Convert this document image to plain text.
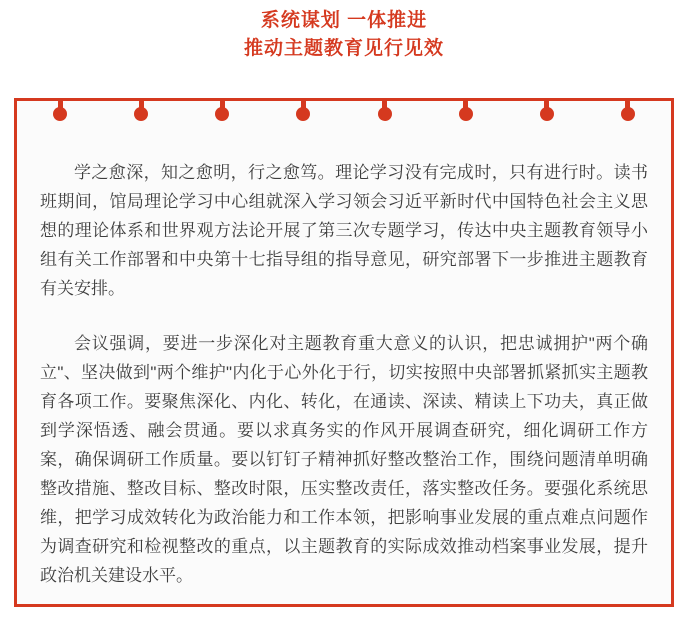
系统谋划 一体推进
推动主题教育见行见效

学之愈深，知之愈明，行之愈笃。理论学习没有完成时，只有进行时。读书班期间，馆局理论学习中心组就深入学习领会习近平新时代中国特色社会主义思想的理论体系和世界观方法论开展了第三次专题学习，传达中央主题教育领导小组有关工作部署和中央第十七指导组的指导意见，研究部署下一步推进主题教育有关安排。

会议强调，要进一步深化对主题教育重大意义的认识，把忠诚拥护"两个确立"、坚决做到"两个维护"内化于心外化于行，切实按照中央部署抓紧抓实主题教育各项工作。要聚焦深化、内化、转化，在通读、深读、精读上下功夫，真正做到学深悟透、融会贯通。要以求真务实的作风开展调查研究，细化调研工作方案，确保调研工作质量。要以钉钉子精神抓好整改整治工作，围绕问题清单明确整改措施、整改目标、整改时限，压实整改责任，落实整改任务。要强化系统思维，把学习成效转化为政治能力和工作本领，把影响事业发展的重点难点问题作为调查研究和检视整改的重点，以主题教育的实际成效推动档案事业发展，提升政治机关建设水平。
